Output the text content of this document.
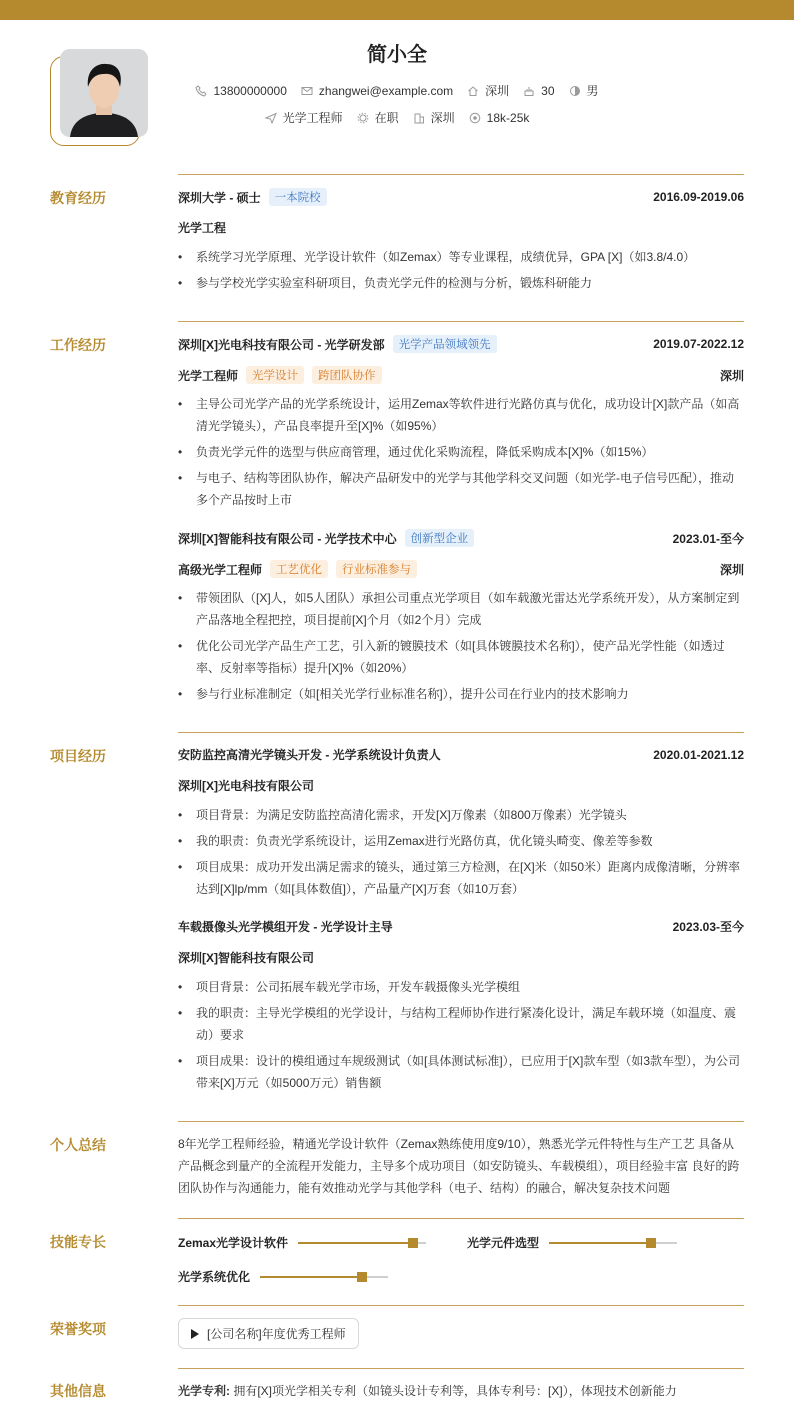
简小全
13800000000	zhangwei@example.com	深圳	30	男
光学工程师	在职	深圳	18k-25k
教育经历	深圳大学 - 硕士	一本院校	2016.09-2019.06
光学工程
• 系统学习光学原理、光学设计软件（如Zemax）等专业课程，成绩优异，GPA [X]（如3.8/4.0）
• 参与学校光学实验室科研项目，负责光学元件的检测与分析，锻炼科研能力
工作经历	深圳[X]光电科技有限公司 - 光学研发部	光学产品领域领先	2019.07-2022.12
光学工程师	光学设计	跨团队协作	深圳
• 主导公司光学产品的光学系统设计，运用Zemax等软件进行光路仿真与优化，成功设计[X]款产品（如高清光学镜头），产品良率提升至[X]%（如95%）
• 负责光学元件的选型与供应商管理，通过优化采购流程，降低采购成本[X]%（如15%）
• 与电子、结构等团队协作，解决产品研发中的光学与其他学科交叉问题（如光学-电子信号匹配），推动多个产品按时上市
深圳[X]智能科技有限公司 - 光学技术中心	创新型企业	2023.01-至今
高级光学工程师	工艺优化	行业标准参与	深圳
• 带领团队（[X]人，如5人团队）承担公司重点光学项目（如车载激光雷达光学系统开发），从方案制定到产品落地全程把控，项目提前[X]个月（如2个月）完成
• 优化公司光学产品生产工艺，引入新的镀膜技术（如[具体镀膜技术名称]），使产品光学性能（如透过率、反射率等指标）提升[X]%（如20%）
• 参与行业标准制定（如[相关光学行业标准名称]），提升公司在行业内的技术影响力
项目经历	安防监控高清光学镜头开发 - 光学系统设计负责人	2020.01-2021.12
深圳[X]光电科技有限公司
• 项目背景：为满足安防监控高清化需求，开发[X]万像素（如800万像素）光学镜头
• 我的职责：负责光学系统设计，运用Zemax进行光路仿真，优化镜头畸变、像差等参数
• 项目成果：成功开发出满足需求的镜头，通过第三方检测，在[X]米（如50米）距离内成像清晰，分辨率达到[X]lp/mm（如[具体数值]），产品量产[X]万套（如10万套）
车载摄像头光学模组开发 - 光学设计主导	2023.03-至今
深圳[X]智能科技有限公司
• 项目背景：公司拓展车载光学市场，开发车载摄像头光学模组
• 我的职责：主导光学模组的光学设计，与结构工程师协作进行紧凑化设计，满足车载环境（如温度、震动）要求
• 项目成果：设计的模组通过车规级测试（如[具体测试标准]），已应用于[X]款车型（如3款车型），为公司带来[X]万元（如5000万元）销售额
个人总结	8年光学工程师经验，精通光学设计软件（Zemax熟练使用度9/10），熟悉光学元件特性与生产工艺 具备从产品概念到量产的全流程开发能力，主导多个成功项目（如安防镜头、车载模组），项目经验丰富 良好的跨团队协作与沟通能力，能有效推动光学与其他学科（电子、结构）的融合，解决复杂技术问题
技能专长	Zemax光学设计软件	光学元件选型
光学系统优化
荣誉奖项	[公司名称]年度优秀工程师
其他信息	光学专利: 拥有[X]项光学相关专利（如镜头设计专利等，具体专利号：[X]），体现技术创新能力
